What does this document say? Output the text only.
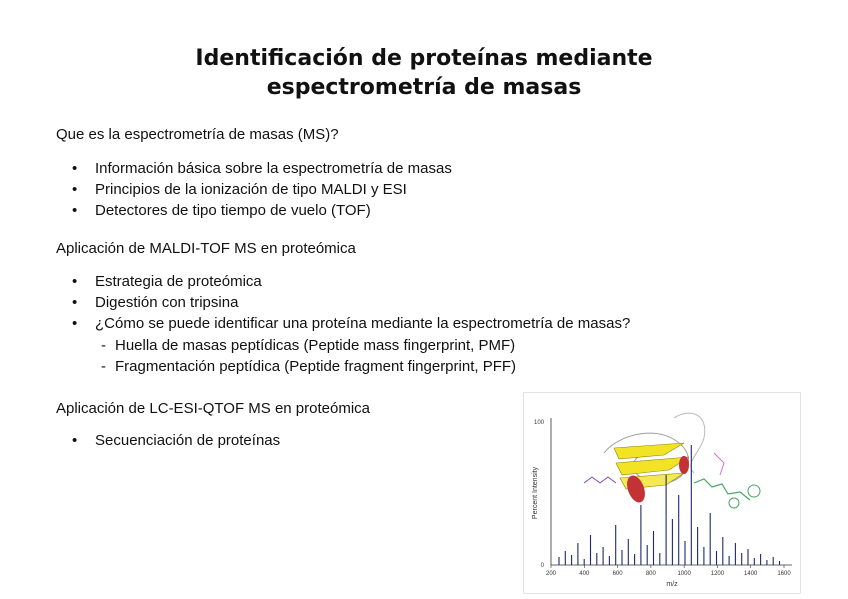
Identificación de proteínas mediante
espectrometría de masas
Que es la espectrometría de masas (MS)?
• Información básica sobre la espectrometría de masas
• Principios de la ionización de tipo MALDI y ESI
• Detectores de tipo tiempo de vuelo (TOF)
Aplicación de MALDI-TOF MS en proteómica
• Estrategia de proteómica
• Digestión con tripsina
• ¿Cómo se puede identificar una proteína mediante la espectrometría de masas?
- Huella de masas peptídicas (Peptide mass fingerprint, PMF)
- Fragmentación peptídica (Peptide fragment fingerprint, PFF)
Aplicación de LC-ESI-QTOF MS en proteómica
• Secuenciación de proteínas
100
0
Percent Intensity
200	400	600	800	1000	1200	1400	1600
m/z
